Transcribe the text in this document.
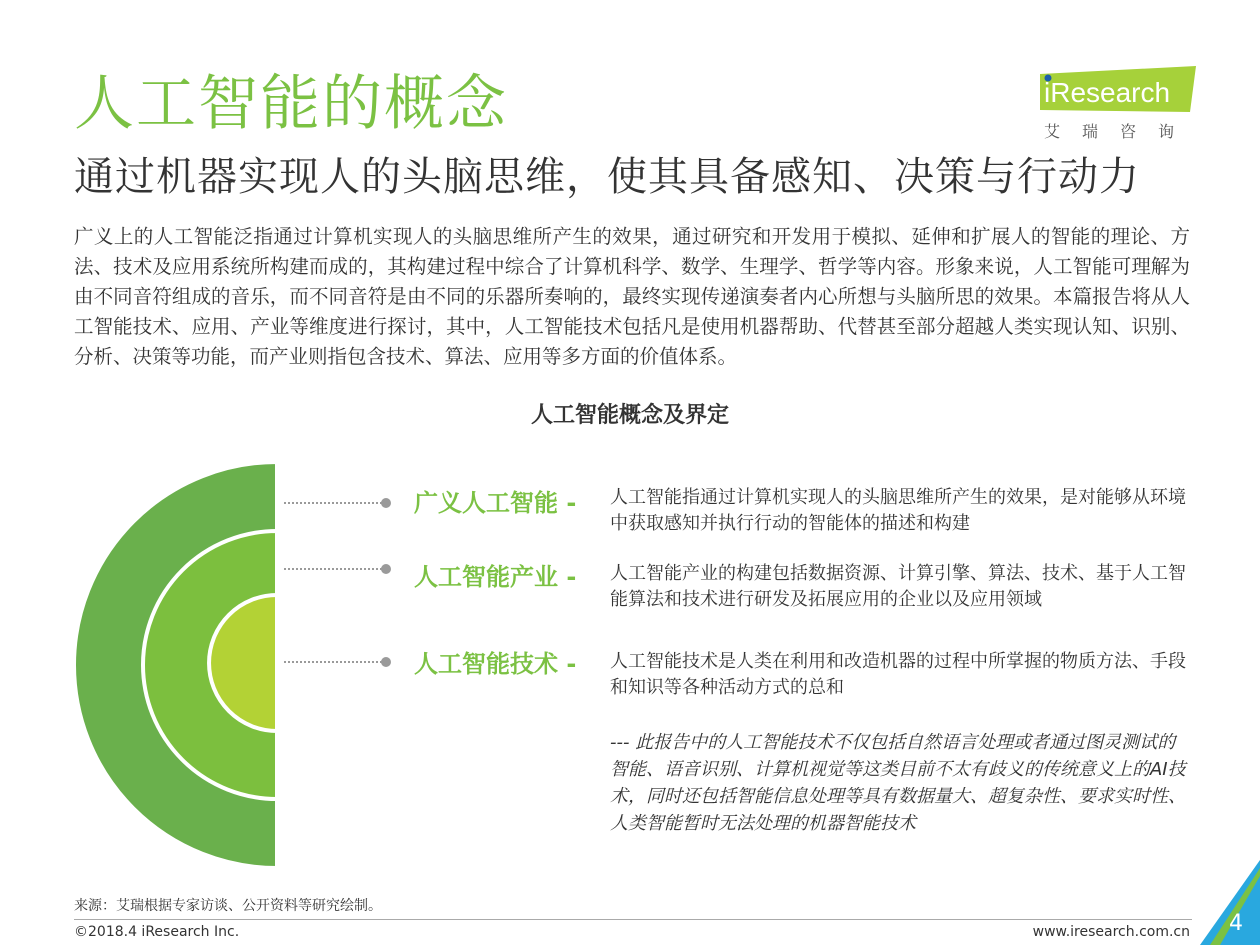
人工智能的概念
通过机器实现人的头脑思维，使其具备感知、决策与行动力
iResearch
艾瑞咨询
广义上的人工智能泛指通过计算机实现人的头脑思维所产生的效果，通过研究和开发用于模拟、延伸和扩展人的智能的理论、方法、技术及应用系统所构建而成的，其构建过程中综合了计算机科学、数学、生理学、哲学等内容。形象来说，人工智能可理解为由不同音符组成的音乐，而不同音符是由不同的乐器所奏响的，最终实现传递演奏者内心所想与头脑所思的效果。本篇报告将从人工智能技术、应用、产业等维度进行探讨，其中，人工智能技术包括凡是使用机器帮助、代替甚至部分超越人类实现认知、识别、分析、决策等功能，而产业则指包含技术、算法、应用等多方面的价值体系。
人工智能概念及界定
广义人工智能 - 人工智能指通过计算机实现人的头脑思维所产生的效果，是对能够从环境中获取感知并执行行动的智能体的描述和构建
人工智能产业 - 人工智能产业的构建包括数据资源、计算引擎、算法、技术、基于人工智能算法和技术进行研发及拓展应用的企业以及应用领域
人工智能技术 - 人工智能技术是人类在利用和改造机器的过程中所掌握的物质方法、手段和知识等各种活动方式的总和
--- 此报告中的人工智能技术不仅包括自然语言处理或者通过图灵测试的智能、语音识别、计算机视觉等这类目前不太有歧义的传统意义上的AI技术，同时还包括智能信息处理等具有数据量大、超复杂性、要求实时性、人类智能暂时无法处理的机器智能技术
来源：艾瑞根据专家访谈、公开资料等研究绘制。
©2018.4 iResearch Inc.	www.iresearch.com.cn	4
